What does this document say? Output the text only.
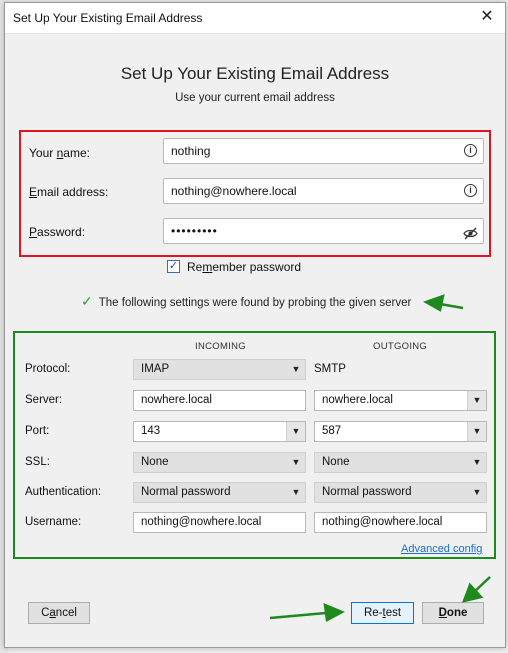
Set Up Your Existing Email Address	✕
Set Up Your Existing Email Address
Use your current email address
Your name:	nothing	i
Email address:	nothing@nowhere.local	i
Password:	•••••••••
✓ Remember password
✓ The following settings were found by probing the given server
INCOMING	OUTGOING
Protocol:	IMAP	▼	SMTP
Server:	nowhere.local	nowhere.local	▼
Port:	143	▼	587	▼
SSL:	None	▼	None	▼
Authentication:	Normal password	▼	Normal password	▼
Username:	nothing@nowhere.local	nothing@nowhere.local
Advanced config
Cancel	Re-test	Done
